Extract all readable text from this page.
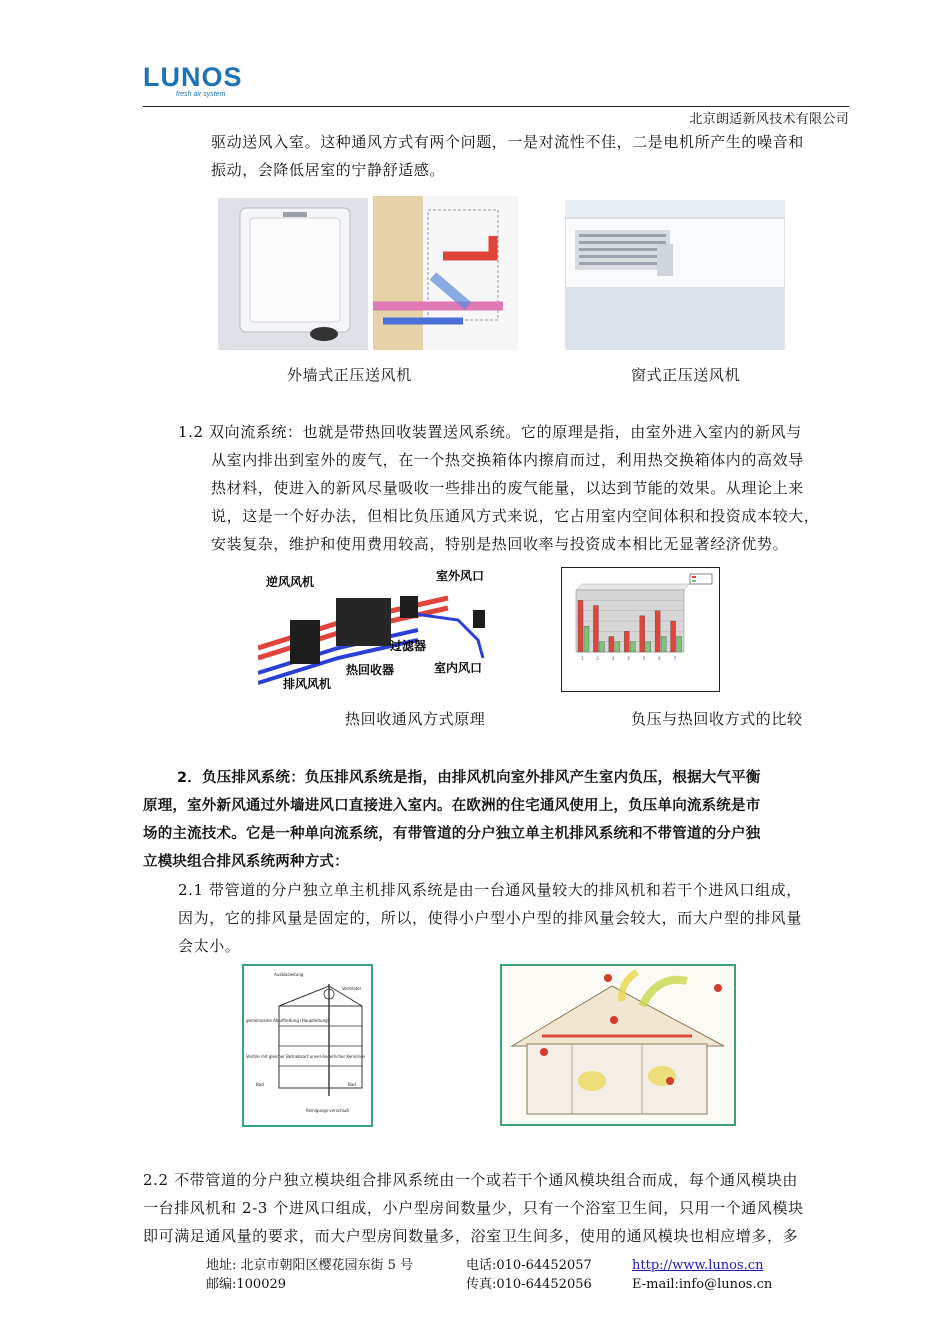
LUNOS
fresh air system
北京朗适新风技术有限公司
驱动送风入室。这种通风方式有两个问题，一是对流性不佳，二是电机所产生的噪音和
振动，会降低居室的宁静舒适感。
外墙式正压送风机	窗式正压送风机
1.2 双向流系统：也就是带热回收装置送风系统。它的原理是指，由室外进入室内的新风与
从室内排出到室外的废气，在一个热交换箱体内擦肩而过，利用热交换箱体内的高效导
热材料，使进入的新风尽量吸收一些排出的废气能量，以达到节能的效果。从理论上来
说，这是一个好办法，但相比负压通风方式来说，它占用室内空间体积和投资成本较大，
安装复杂，维护和使用费用较高，特别是热回收率与投资成本相比无显著经济优势。
逆风风机	室外风口
过滤器
热回收器	室内风口
排风风机
1	2	3	4	5	6	7
热回收通风方式原理	负压与热回收方式的比较
2．负压排风系统：负压排风系统是指，由排风机向室外排风产生室内负压，根据大气平衡
原理，室外新风通过外墙进风口直接进入室内。在欧洲的住宅通风使用上，负压单向流系统是市
场的主流技术。它是一种单向流系统，有带管道的分户独立单主机排风系统和不带管道的分户独
立模块组合排风系统两种方式：
2.1 带管道的分户独立单主机排风系统是由一台通风量较大的排风机和若干个进风口组成，
因为，它的排风量是固定的，所以，使得小户型小户型的排风量会较大，而大户型的排风量
会太小。
Ausblasleitung
Ventilator
gemeinsame Abluftleitung (Hauptleitung)
Ventile mit gleicher Betriebsart unver-änderlicher Kennlinie
Reinigungs-verschluß
Bad	Bad
2.2 不带管道的分户独立模块组合排风系统由一个或若干个通风模块组合而成，每个通风模块由
一台排风机和 2-3 个进风口组成，小户型房间数量少，只有一个浴室卫生间，只用一个通风模块
即可满足通风量的要求，而大户型房间数量多，浴室卫生间多，使用的通风模块也相应增多，多
地址: 北京市朝阳区樱花园东街 5 号
邮编:100029
电话:010-64452057
传真:010-64452056
http://www.lunos.cn
E-mail:info@lunos.cn
